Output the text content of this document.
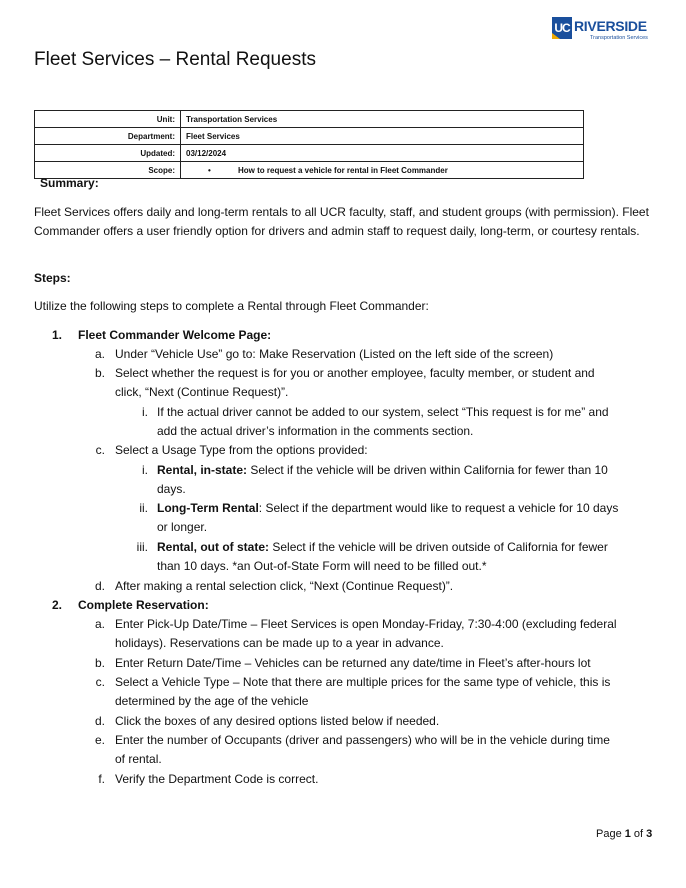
UC RIVERSIDE
Transportation Services
Fleet Services – Rental Requests
Unit:	Transportation Services
Department:	Fleet Services
Updated:	03/12/2024
Scope:	• How to request a vehicle for rental in Fleet Commander
Summary:
Fleet Services offers daily and long-term rentals to all UCR faculty, staff, and student groups (with permission). Fleet Commander offers a user friendly option for drivers and admin staff to request daily, long-term, or courtesy rentals.
Steps:
Utilize the following steps to complete a Rental through Fleet Commander:
1. Fleet Commander Welcome Page:
a. Under “Vehicle Use” go to: Make Reservation (Listed on the left side of the screen)
b. Select whether the request is for you or another employee, faculty member, or student and
click, “Next (Continue Request)”.
i. If the actual driver cannot be added to our system, select “This request is for me” and
add the actual driver’s information in the comments section.
c. Select a Usage Type from the options provided:
i. Rental, in-state: Select if the vehicle will be driven within California for fewer than 10
days.
ii. Long-Term Rental: Select if the department would like to request a vehicle for 10 days
or longer.
iii. Rental, out of state: Select if the vehicle will be driven outside of California for fewer
than 10 days. *an Out-of-State Form will need to be filled out.*
d. After making a rental selection click, “Next (Continue Request)”.
2. Complete Reservation:
a. Enter Pick-Up Date/Time – Fleet Services is open Monday-Friday, 7:30-4:00 (excluding federal
holidays). Reservations can be made up to a year in advance.
b. Enter Return Date/Time – Vehicles can be returned any date/time in Fleet’s after-hours lot
c. Select a Vehicle Type – Note that there are multiple prices for the same type of vehicle, this is
determined by the age of the vehicle
d. Click the boxes of any desired options listed below if needed.
e. Enter the number of Occupants (driver and passengers) who will be in the vehicle during time
of rental.
f. Verify the Department Code is correct.
Page 1 of 3
